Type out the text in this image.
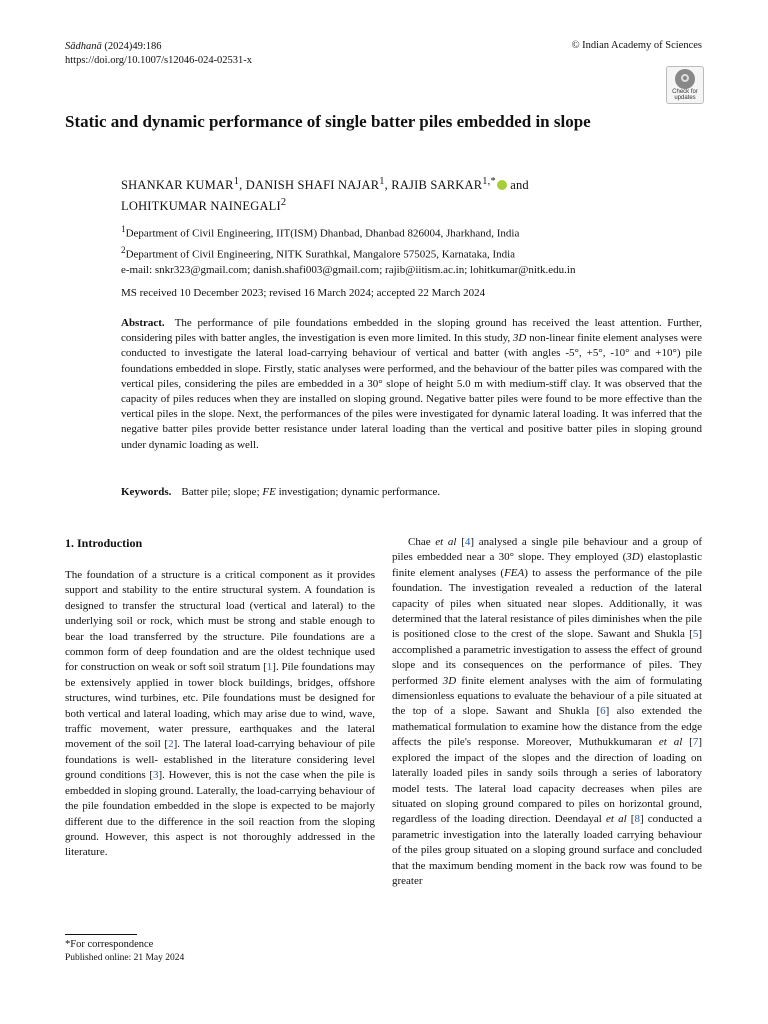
Sādhanā (2024)49:186
https://doi.org/10.1007/s12046-024-02531-x
© Indian Academy of Sciences
Check for updates
Static and dynamic performance of single batter piles embedded in slope
SHANKAR KUMAR$^1$, DANISH SHAFI NAJAR$^1$, RAJIB $SARKAR^{1,*}$ and
LOHITKUMAR NAINEGALI$^2$
$^1$Department of Civil Engineering, IIT(ISM) Dhanbad, Dhanbad 826004, Jharkhand, India
$^2$Department of Civil Engineering, NITK Surathkal, Mangalore 575025, Karnataka, India
e-mail: snkr323@gmail.com; danish.shafi003@gmail.com; rajib@iitism.ac.in; lohitkumar@nitk.edu.in
MS received 10 December 2023; revised 16 March 2024; accepted 22 March 2024
Abstract. The performance of pile foundations embedded in the sloping ground has received the least attention. Further, considering piles with batter angles, the investigation is even more limited. In this study, 3D non-linear finite element analyses were conducted to investigate the lateral load-carrying behaviour of vertical and batter (with angles -5°, +5°, -10° and +10°) pile foundations embedded in slope. Firstly, static analyses were performed, and the behaviour of the batter piles was compared with the vertical piles, considering the piles are embedded in a 30° slope of height 5.0 m with medium-stiff clay. It was observed that the capacity of piles reduces when they are installed on sloping ground. Negative batter piles were found to be more effective than the vertical piles in the slope. Next, the performances of the piles were investigated for dynamic lateral loading. It was inferred that the negative batter piles provide better resistance under lateral loading than the vertical and positive batter piles in sloping ground under dynamic loading as well.
Keywords. Batter pile; slope; FE investigation; dynamic performance.
1. Introduction
The foundation of a structure is a critical component as it provides support and stability to the entire structural system. A foundation is designed to transfer the structural load (vertical and lateral) to the underlying soil or rock, which must be strong and stable enough to bear the load transferred by the structure. Pile foundations are a common form of deep foundation and are the oldest technique used for construction on weak or soft soil stratum [1]. Pile foundations may be extensively applied in tower block buildings, bridges, offshore structures, wind turbines, etc. Pile foundations must be designed for both vertical and lateral loading, which may arise due to wind, wave, traffic movement, water pressure, earthquakes and the lateral movement of the soil [2]. The lateral load-carrying behaviour of pile foundations is well- established in the literature considering level ground conditions [3]. However, this is not the case when the pile is embedded in sloping ground. Laterally, the load-carrying behaviour of the pile foundation embedded in the slope is expected to be majorly different due to the difference in the soil reaction from the sloping ground. However, this aspect is not thoroughly addressed in the literature.
Chae et al [4] analysed a single pile behaviour and a group of piles embedded near a 30° slope. They employed (3D) elastoplastic finite element analyses (FEA) to assess the performance of the pile foundation. The investigation revealed a reduction of the lateral capacity of piles when situated near slopes. Additionally, it was determined that the lateral resistance of piles diminishes when the pile is positioned close to the crest of the slope. Sawant and Shukla [5] accomplished a parametric investigation to assess the effect of ground slope and its consequences on the performance of piles. They performed 3D finite element analyses with the aim of formulating dimensionless equations to evaluate the behaviour of a pile situated at the top of a slope. Sawant and Shukla [6] also extended the mathematical formulation to examine how the distance from the edge affects the pile's response. Moreover, Muthukkumaran et al [7] explored the impact of the slopes and the direction of loading on laterally loaded piles in sandy soils through a series of laboratory model tests. The lateral load capacity decreases when piles are situated on sloping ground compared to piles on horizontal ground, regardless of the loading direction. Deendayal et al [8] conducted a parametric investigation into the laterally loaded carrying behaviour of the piles group situated on a sloping ground surface and concluded that the maximum bending moment in the back row was found to be greater
*For correspondence
Published online: 21 May 2024
